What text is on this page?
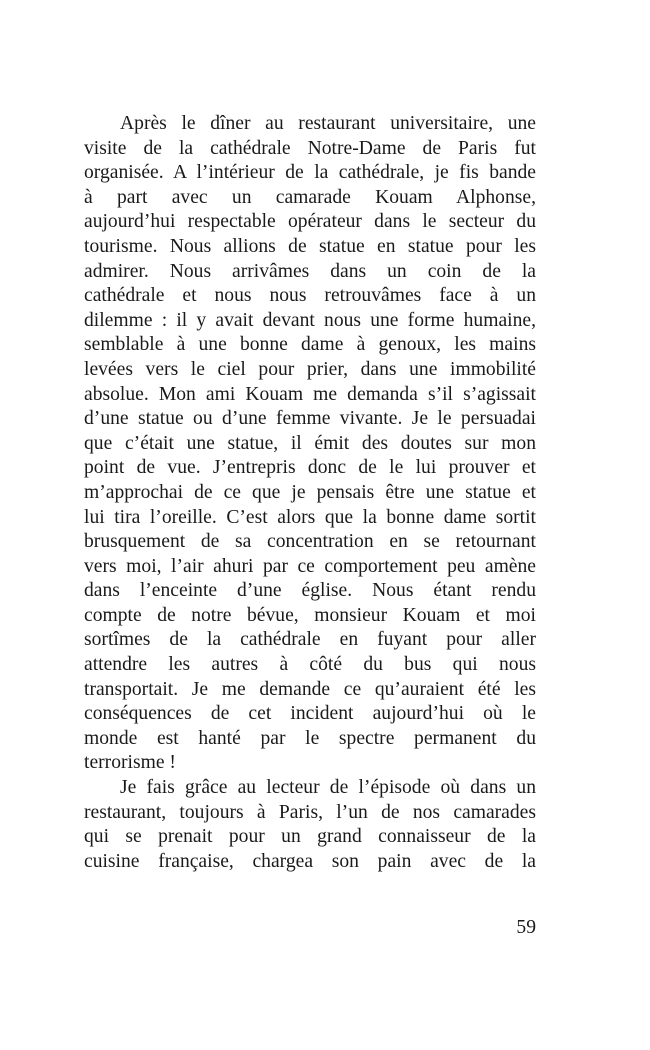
Après le dîner au restaurant universitaire, une
visite de la cathédrale Notre-Dame de Paris fut
organisée. A l’intérieur de la cathédrale, je fis bande
à part avec un camarade Kouam Alphonse,
aujourd’hui respectable opérateur dans le secteur du
tourisme. Nous allions de statue en statue pour les
admirer. Nous arrivâmes dans un coin de la
cathédrale et nous nous retrouvâmes face à un
dilemme : il y avait devant nous une forme humaine,
semblable à une bonne dame à genoux, les mains
levées vers le ciel pour prier, dans une immobilité
absolue. Mon ami Kouam me demanda s’il s’agissait
d’une statue ou d’une femme vivante. Je le persuadai
que c’était une statue, il émit des doutes sur mon
point de vue. J’entrepris donc de le lui prouver et
m’approchai de ce que je pensais être une statue et
lui tira l’oreille. C’est alors que la bonne dame sortit
brusquement de sa concentration en se retournant
vers moi, l’air ahuri par ce comportement peu amène
dans l’enceinte d’une église. Nous étant rendu
compte de notre bévue, monsieur Kouam et moi
sortîmes de la cathédrale en fuyant pour aller
attendre les autres à côté du bus qui nous
transportait. Je me demande ce qu’auraient été les
conséquences de cet incident aujourd’hui où le
monde est hanté par le spectre permanent du
terrorisme !
Je fais grâce au lecteur de l’épisode où dans un
restaurant, toujours à Paris, l’un de nos camarades
qui se prenait pour un grand connaisseur de la
cuisine française, chargea son pain avec de la
59
